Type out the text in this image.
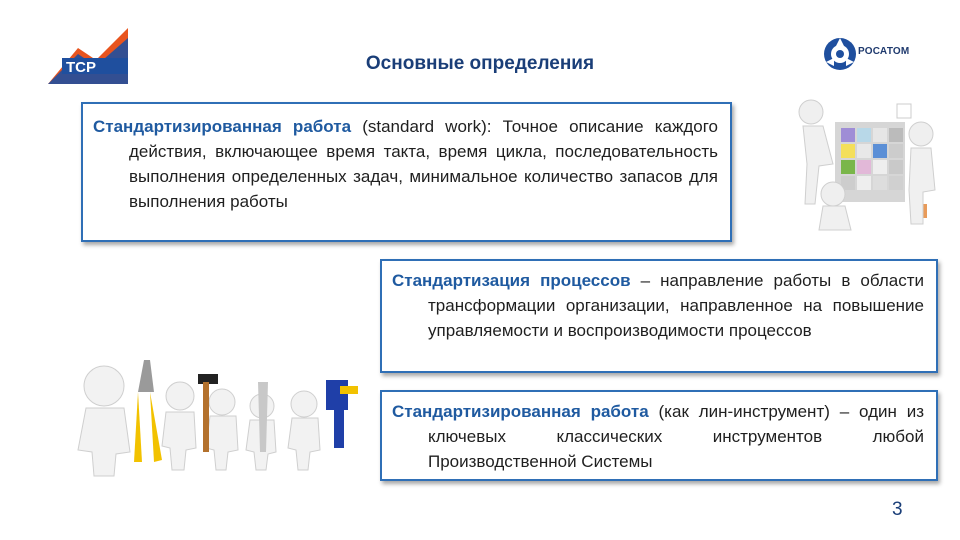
ТСР	Основные определения
РОСАТОМ
Стандартизированная работа (standard work): Точное описание каждого действия, включающее время такта, время цикла, последовательность выполнения определенных задач, минимальное количество запасов для выполнения работы
Стандартизация процессов – направление работы в области трансформации организации, направленное на повышение управляемости и воспроизводимости процессов
Стандартизированная работа (как лин-инструмент) – один из ключевых классических инструментов любой Производственной Системы
3
